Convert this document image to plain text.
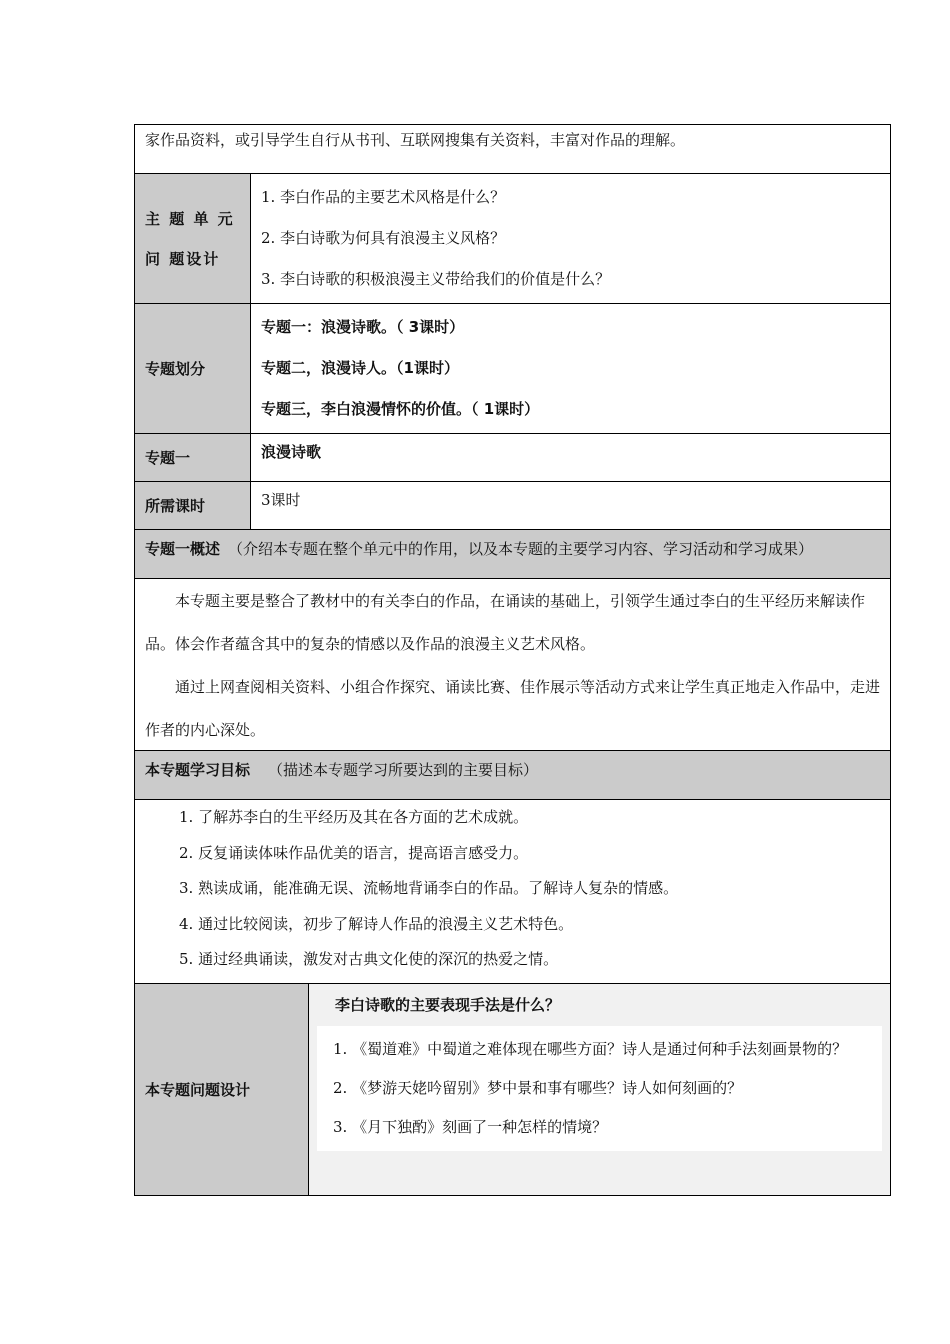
家作品资料，或引导学生自行从书刊、互联网搜集有关资料，丰富对作品的理解。
主 题 单 元 问 题设计

1. 李白作品的主要艺术风格是什么？

2. 李白诗歌为何具有浪漫主义风格？

3. 李白诗歌的积极浪漫主义带给我们的价值是什么？

专题划分

专题一：浪漫诗歌。（ 3课时）

专题二，浪漫诗人。（1课时）

专题三，李白浪漫情怀的价值。（ 1课时）

专题一	浪漫诗歌
所需课时	3课时
专题一概述 （介绍本专题在整个单元中的作用，以及本专题的主要学习内容、学习活动和学习成果）

本专题主要是整合了教材中的有关李白的作品，在诵读的基础上，引领学生通过李白的生平经历来解读作品。体会作者蕴含其中的复杂的情感以及作品的浪漫主义艺术风格。

通过上网查阅相关资料、小组合作探究、诵读比赛、佳作展示等活动方式来让学生真正地走入作品中，走进作者的内心深处。

本专题学习目标 （描述本专题学习所要达到的主要目标）

1. 了解苏李白的生平经历及其在各方面的艺术成就。

2. 反复诵读体味作品优美的语言，提高语言感受力。

3. 熟读成诵，能准确无误、流畅地背诵李白的作品。了解诗人复杂的情感。

4. 通过比较阅读，初步了解诗人作品的浪漫主义艺术特色。

5. 通过经典诵读，激发对古典文化使的深沉的热爱之情。

本专题问题设计
李白诗歌的主要表现手法是什么？

1. 《蜀道难》中蜀道之难体现在哪些方面？诗人是通过何种手法刻画景物的？

2. 《梦游天姥吟留别》梦中景和事有哪些？诗人如何刻画的？

3. 《月下独酌》刻画了一种怎样的情境？
